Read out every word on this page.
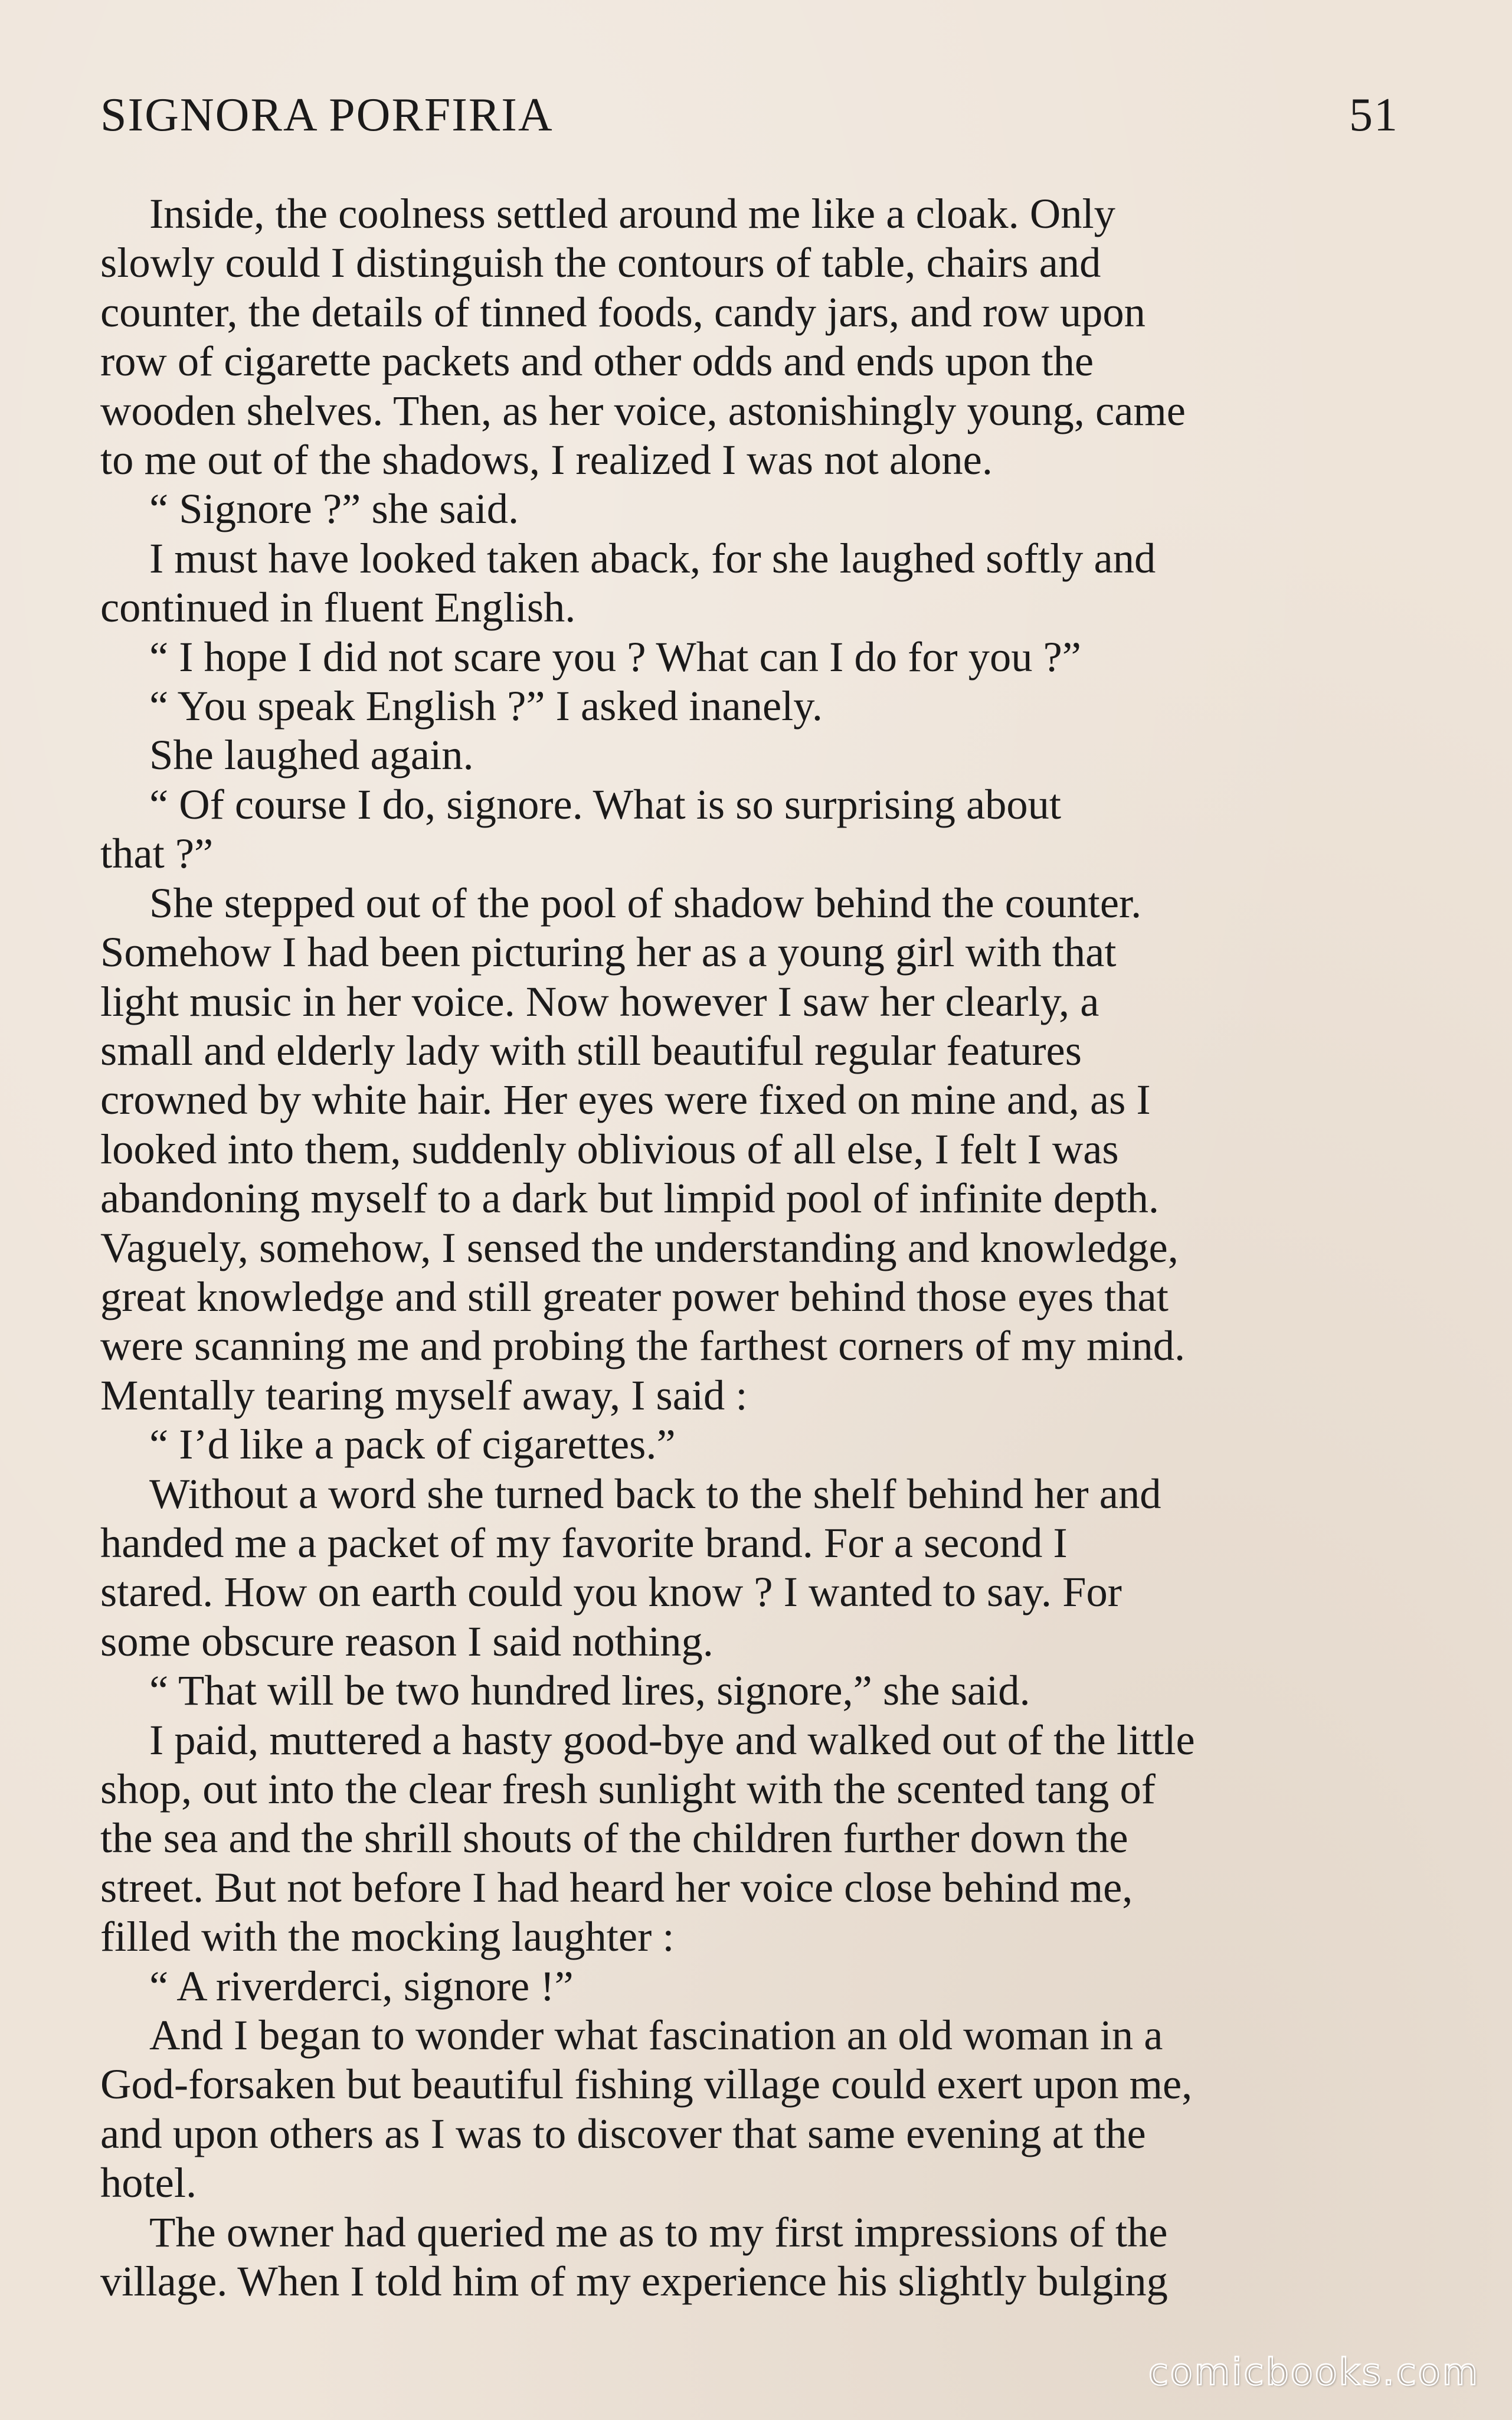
SIGNORA PORFIRIA	51

Inside, the coolness settled around me like a cloak. Only
slowly could I distinguish the contours of table, chairs and
counter, the details of tinned foods, candy jars, and row upon
row of cigarette packets and other odds and ends upon the
wooden shelves. Then, as her voice, astonishingly young, came
to me out of the shadows, I realized I was not alone.

“ Signore ?” she said.

I must have looked taken aback, for she laughed softly and
continued in fluent English.

“ I hope I did not scare you ? What can I do for you ?”

“ You speak English ?” I asked inanely.

She laughed again.

“ Of course I do, signore. What is so surprising about
that ?”

She stepped out of the pool of shadow behind the counter.
Somehow I had been picturing her as a young girl with that
light music in her voice. Now however I saw her clearly, a
small and elderly lady with still beautiful regular features
crowned by white hair. Her eyes were fixed on mine and, as I
looked into them, suddenly oblivious of all else, I felt I was
abandoning myself to a dark but limpid pool of infinite depth.
Vaguely, somehow, I sensed the understanding and knowledge,
great knowledge and still greater power behind those eyes that
were scanning me and probing the farthest corners of my mind.
Mentally tearing myself away, I said :

“ I’d like a pack of cigarettes.”

Without a word she turned back to the shelf behind her and
handed me a packet of my favorite brand. For a second I
stared. How on earth could you know ? I wanted to say. For
some obscure reason I said nothing.

“ That will be two hundred lires, signore,” she said.

I paid, muttered a hasty good-bye and walked out of the little
shop, out into the clear fresh sunlight with the scented tang of
the sea and the shrill shouts of the children further down the
street. But not before I had heard her voice close behind me,
filled with the mocking laughter :

“ A riverderci, signore !”

And I began to wonder what fascination an old woman in a
God-forsaken but beautiful fishing village could exert upon me,
and upon others as I was to discover that same evening at the
hotel.

The owner had queried me as to my first impressions of the
village. When I told him of my experience his slightly bulging

comicbooks.com
